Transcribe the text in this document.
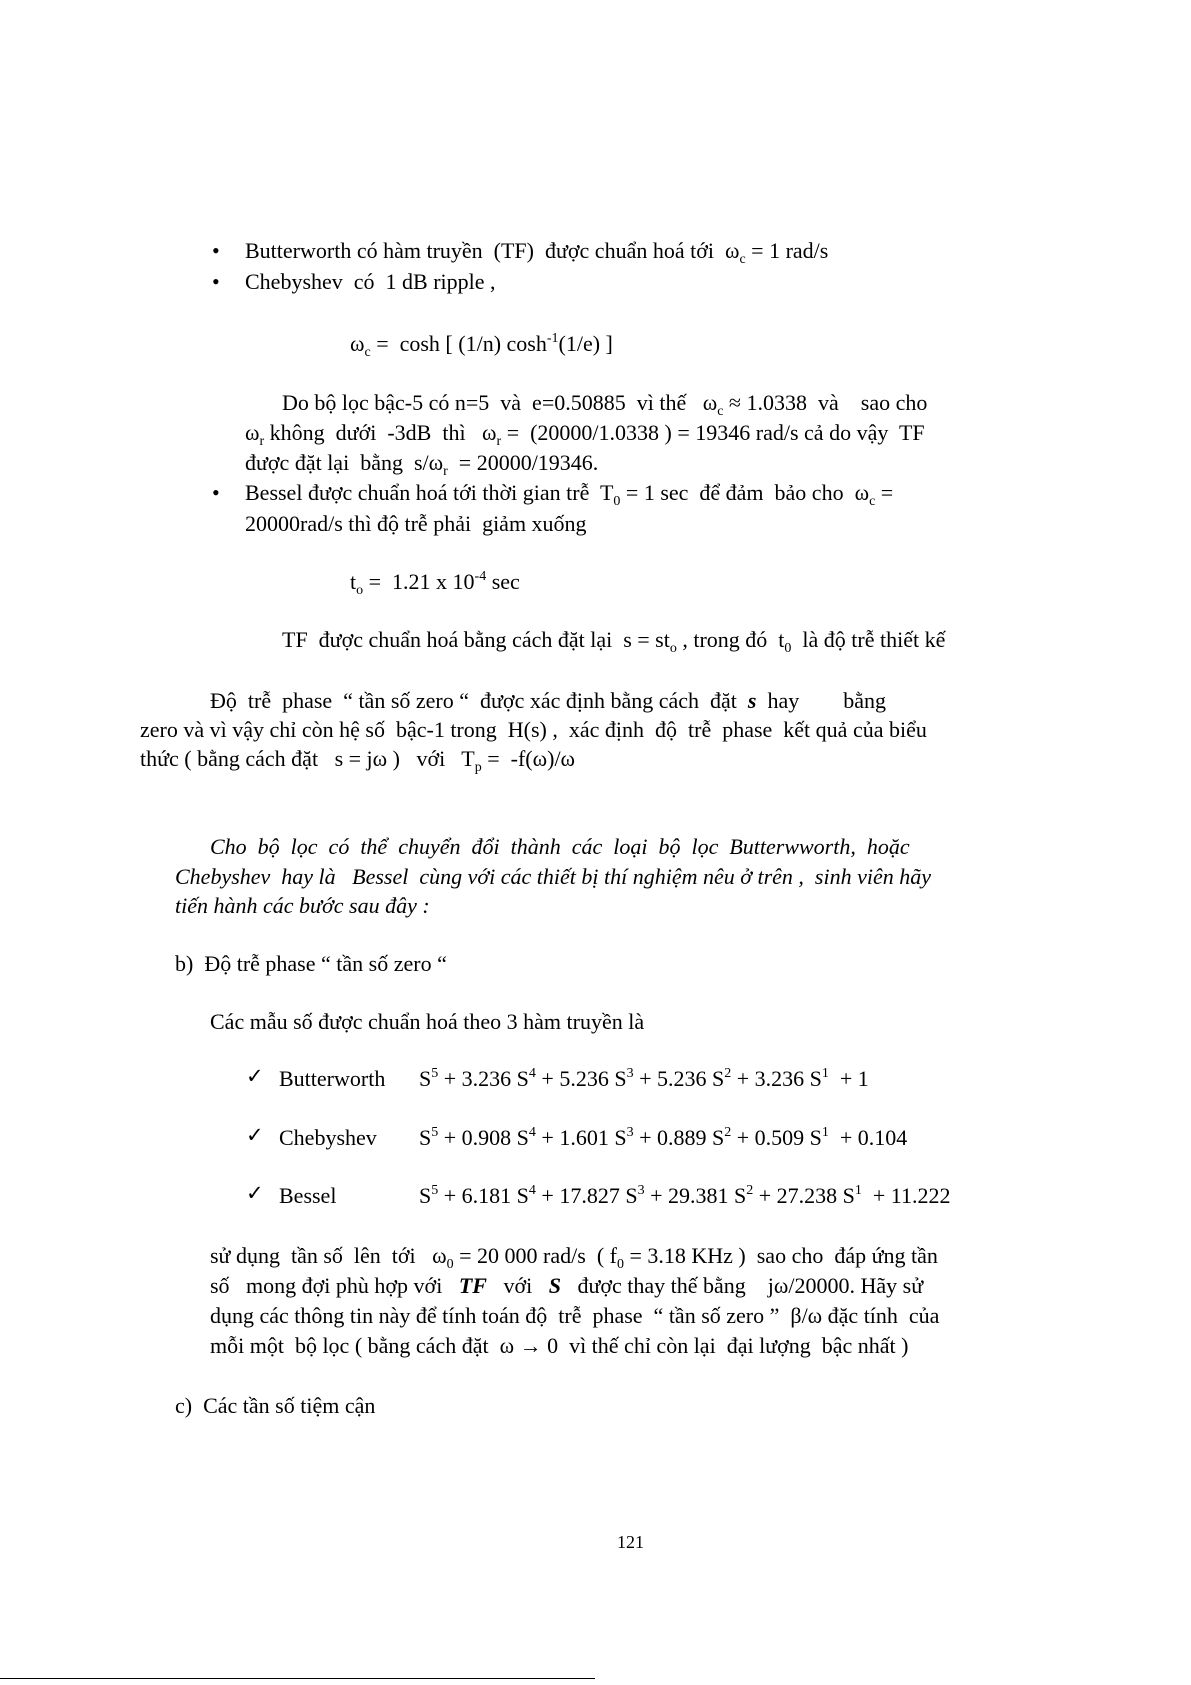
• Butterworth có hàm truyền  (TF)  được chuẩn hoá tới  $\omega_c = 1$ rad/s
• Chebyshev  có  1 dB ripple ,
$\omega_c = \cosh$ [ (1/n) $\cosh^{-1}(1/e)$ ]
Do bộ lọc bậc-5 có n=5  và  e=0.50885  vì thế   $\omega_c \approx 1.0338$  và    sao cho
$\omega_r$ không  dưới  -3dB  thì   $\omega_r = (20000/1.0338$ ) = 19346 rad/s cả do vậy  TF
được đặt lại  bằng  $s/\omega_r = 20000/19346$.
• Bessel được chuẩn hoá tới thời gian trễ  $T_0 = 1$ sec  để đảm  bảo cho  $\omega_c$ =
20000rad/s thì độ trễ phải  giảm xuống
$t_o = 1.21$ x $10^{-4}$ sec
TF  được chuẩn hoá bằng cách đặt lại  $s = st_o$ , trong đó  $t_0$  là độ trễ thiết kế
Độ  trễ  phase  “ tần số zero “  được xác định bằng cách  đặt  s  hay        bằng
zero và vì vậy chỉ còn hệ số  bậc-1 trong  H(s) ,  xác định  độ  trễ  phase  kết quả của biểu
thức ( bằng cách đặt   s = jω )   với   $T_p = -f(\omega)/\omega$
Cho  bộ  lọc  có  thể  chuyển  đổi  thành  các  loại  bộ  lọc  Butterwworth,  hoặc
Chebyshev  hay là   Bessel  cùng với các thiết bị thí nghiệm nêu ở trên ,  sinh viên hãy
tiến hành các bước sau đây :
b)  Độ trễ phase “ tần số zero “
Các mẫu số được chuẩn hoá theo 3 hàm truyền là
✓ Butterworth $S^5 + 3.236$ $S^4 + 5.236$ $S^3 + 5.236$ $S^2 + 3.236$ $S^1 + 1$
✓ Chebyshev $S^5 + 0.908$ $S^4 + 1.601$ $S^3 + 0.889$ $S^2 + 0.509$ $S^1 + 0.104$
✓ Bessel	$S^5 + 6.181$ $S^4 + 17.827$ $S^3 + 29.381$ $S^2 + 27.238$ $S^1 + 11.222$
sử dụng  tần số  lên  tới   $\omega_0 = 20$ 000 rad/s  ( $f_0 = 3.18$ KHz )  sao cho  đáp ứng tần
số   mong đợi phù hợp với   TF   với   S   được thay thế bằng    jω/20000. Hãy sử
dụng các thông tin này để tính toán độ  trễ  phase  “ tần số zero ”  β/ω đặc tính  của
mỗi một  bộ lọc ( bằng cách đặt  ω → 0  vì thế chỉ còn lại  đại lượng  bậc nhất )
c)  Các tần số tiệm cận
121
